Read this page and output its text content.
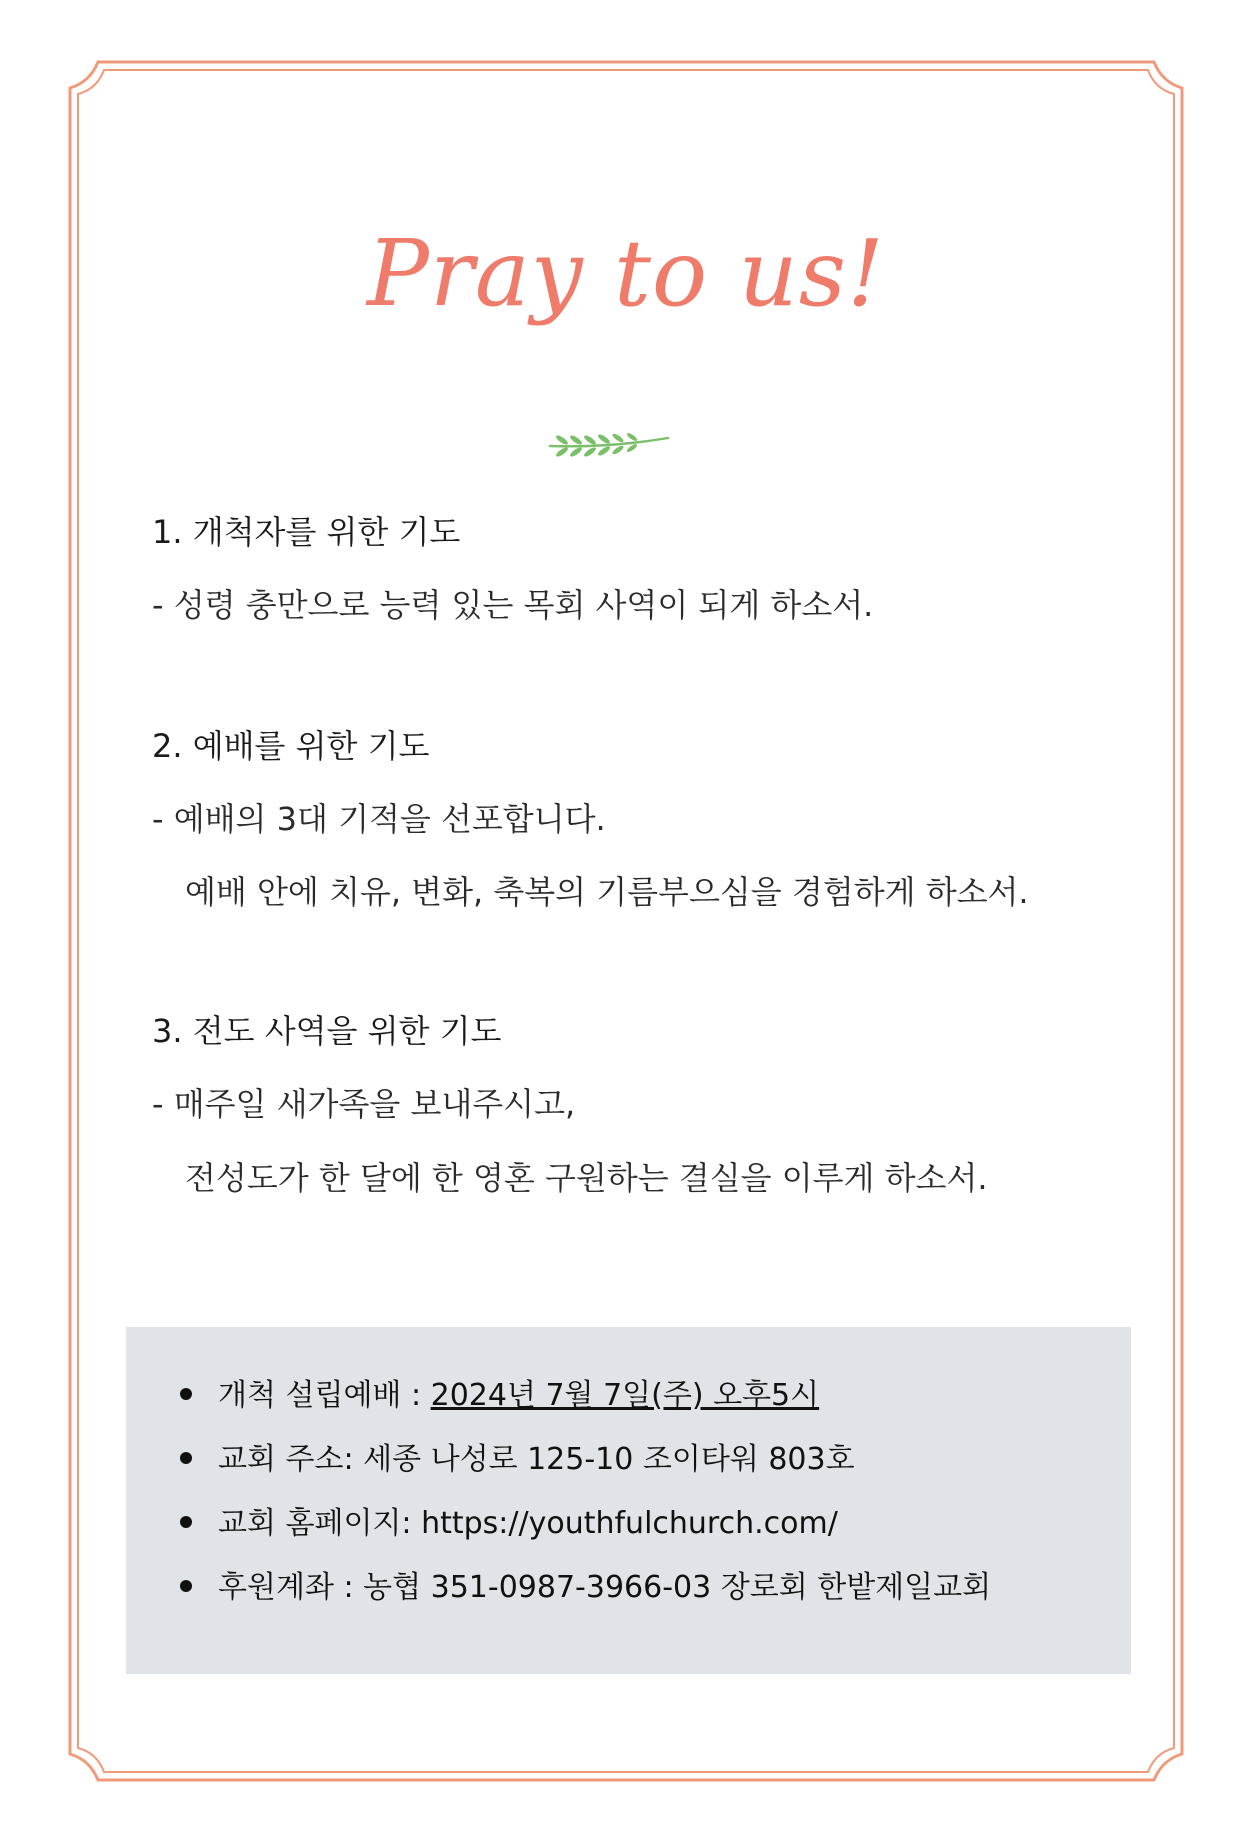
Pray to us!
1. 개척자를 위한 기도
- 성령 충만으로 능력 있는 목회 사역이 되게 하소서.
2. 예배를 위한 기도
- 예배의 3대 기적을 선포합니다.
예배 안에 치유, 변화, 축복의 기름부으심을 경험하게 하소서.
3. 전도 사역을 위한 기도
- 매주일 새가족을 보내주시고,
전성도가 한 달에 한 영혼 구원하는 결실을 이루게 하소서.
개척 설립예배 : 2024년 7월 7일(주) 오후5시
교회 주소: 세종 나성로 125-10 조이타워 803호
교회 홈페이지: https://youthfulchurch.com/
후원계좌 : 농협 351-0987-3966-03 장로회 한밭제일교회
